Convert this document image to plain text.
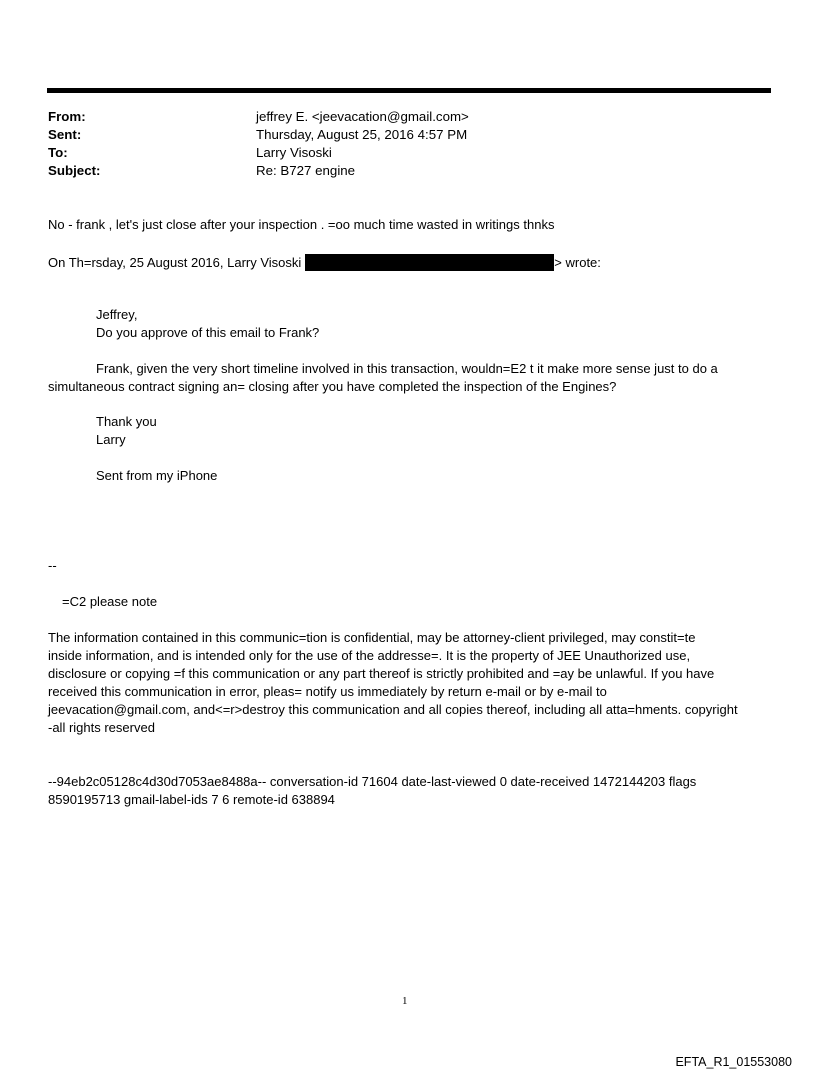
From:	jeffrey E. <jeevacation@gmail.com>
Sent:	Thursday, August 25, 2016 4:57 PM
To:	Larry Visoski
Subject:	Re: B727 engine
No - frank , let's just close after your inspection . =oo much time wasted in writings thnks
On Th=rsday, 25 August 2016, Larry Visoski	> wrote:
Jeffrey,
Do you approve of this email to Frank?
Frank, given the very short timeline involved in this transaction, wouldn=E2 t it make more sense just to do a
simultaneous contract signing an= closing after you have completed the inspection of the Engines?
Thank you
Larry
Sent from my iPhone
--
=C2 please note
The information contained in this communic=tion is confidential, may be attorney-client privileged, may constit=te
inside information, and is intended only for the use of the addresse=. It is the property of JEE Unauthorized use,
disclosure or copying =f this communication or any part thereof is strictly prohibited and =ay be unlawful. If you have
received this communication in error, pleas= notify us immediately by return e-mail or by e-mail to
jeevacation@gmail.com, and<=r>destroy this communication and all copies thereof, including all atta=hments. copyright
-all rights reserved
--94eb2c05128c4d30d7053ae8488a-- conversation-id 71604 date-last-viewed 0 date-received 1472144203 flags
8590195713 gmail-label-ids 7 6 remote-id 638894
1
EFTA_R1_01553080
